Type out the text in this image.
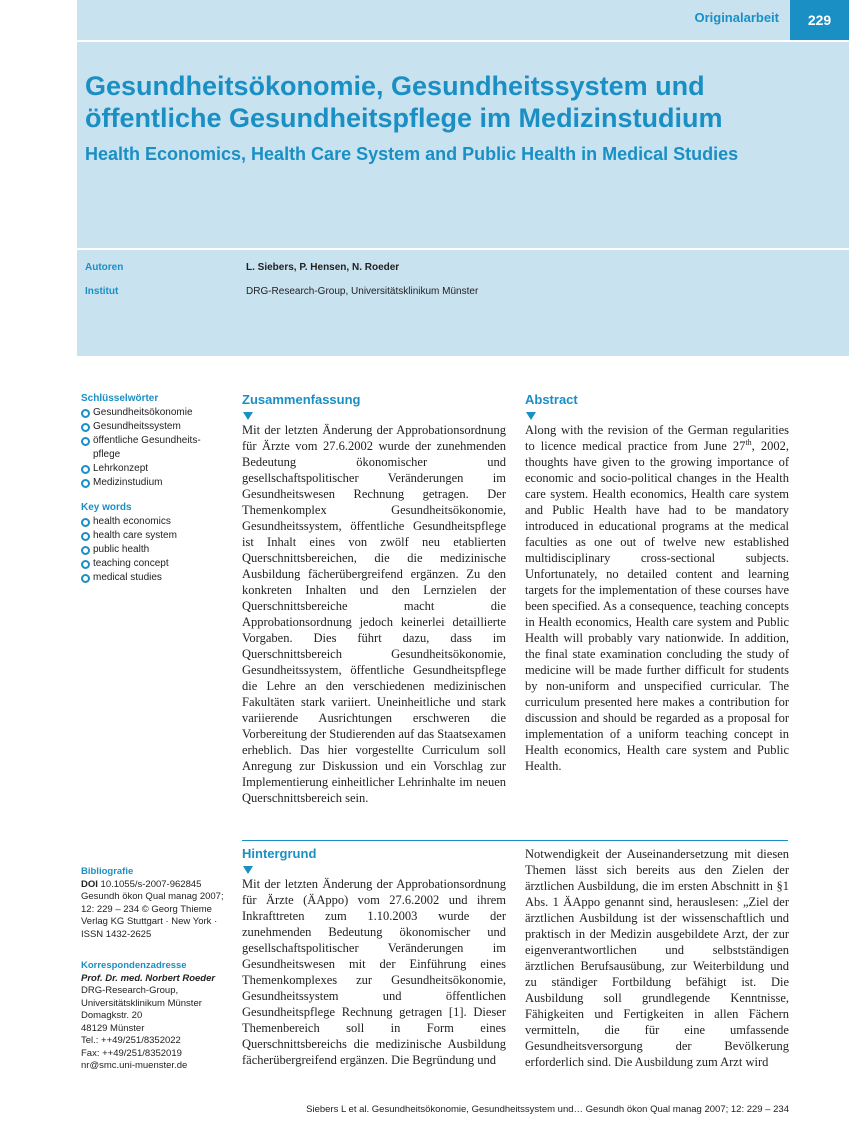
Originalarbeit	229
Gesundheitsökonomie, Gesundheitssystem und öffentliche Gesundheitspflege im Medizinstudium
Health Economics, Health Care System and Public Health in Medical Studies
Autoren	L. Siebers, P. Hensen, N. Roeder
Institut	DRG-Research-Group, Universitätsklinikum Münster
Schlüsselwörter
Gesundheitsökonomie
Gesundheitssystem
öffentliche Gesundheits-pflege
Lehrkonzept
Medizinstudium
Key words
health economics
health care system
public health
teaching concept
medical studies
Zusammenfassung
Mit der letzten Änderung der Approbationsordnung für Ärzte vom 27.6.2002 wurde der zunehmenden Bedeutung ökonomischer und gesellschaftspolitischer Veränderungen im Gesundheitswesen Rechnung getragen. Der Themenkomplex Gesundheitsökonomie, Gesundheitssystem, öffentliche Gesundheitspflege ist Inhalt eines von zwölf neu etablierten Querschnittsbereichen, die die medizinische Ausbildung fächerübergreifend ergänzen. Zu den konkreten Inhalten und den Lernzielen der Querschnittsbereiche macht die Approbationsordnung jedoch keinerlei detaillierte Vorgaben. Dies führt dazu, dass im Querschnittsbereich Gesundheitsökonomie, Gesundheitssystem, öffentliche Gesundheitspflege die Lehre an den verschiedenen medizinischen Fakultäten stark variiert. Uneinheitliche und stark variierende Ausrichtungen erschweren die Vorbereitung der Studierenden auf das Staatsexamen erheblich. Das hier vorgestellte Curriculum soll Anregung zur Diskussion und ein Vorschlag zur Implementierung einheitlicher Lehrinhalte im neuen Querschnittsbereich sein.
Abstract
Along with the revision of the German regularities to licence medical practice from June 27th, 2002, thoughts have given to the growing importance of economic and socio-political changes in the Health care system. Health economics, Health care system and Public Health have had to be mandatory introduced in educational programs at the medical faculties as one out of twelve new established multidisciplinary cross-sectional subjects. Unfortunately, no detailed content and learning targets for the implementation of these courses have been specified. As a consequence, teaching concepts in Health economics, Health care system and Public Health will probably vary nationwide. In addition, the final state examination concluding the study of medicine will be made further difficult for students by non-uniform and unspecified curricular. The curriculum presented here makes a contribution for discussion and should be regarded as a proposal for implementation of a uniform teaching concept in Health economics, Health care system and Public Health.
Hintergrund
Mit der letzten Änderung der Approbationsordnung für Ärzte (ÄAppo) vom 27.6.2002 und ihrem Inkrafttreten zum 1.10.2003 wurde der zunehmenden Bedeutung ökonomischer und gesellschaftspolitischer Veränderungen im Gesundheitswesen mit der Einführung eines Themenkomplexes zur Gesundheitsökonomie, Gesundheitssystem und öffentlichen Gesundheitspflege Rechnung getragen [1]. Dieser Themenbereich soll in Form eines Querschnittsbereichs die medizinische Ausbildung fächerübergreifend ergänzen. Die Begründung und
Notwendigkeit der Auseinandersetzung mit diesen Themen lässt sich bereits aus den Zielen der ärztlichen Ausbildung, die im ersten Abschnitt in §1 Abs. 1 ÄAppo genannt sind, herauslesen: „Ziel der ärztlichen Ausbildung ist der wissenschaftlich und praktisch in der Medizin ausgebildete Arzt, der zur eigenverantwortlichen und selbstständigen ärztlichen Berufsausübung, zur Weiterbildung und zu ständiger Fortbildung befähigt ist. Die Ausbildung soll grundlegende Kenntnisse, Fähigkeiten und Fertigkeiten in allen Fächern vermitteln, die für eine umfassende Gesundheitsversorgung der Bevölkerung erforderlich sind. Die Ausbildung zum Arzt wird
Bibliografie
DOI 10.1055/s-2007-962845
Gesundh ökon Qual manag 2007; 12: 229 – 234 © Georg Thieme Verlag KG Stuttgart · New York · ISSN 1432-2625
Korrespondenzadresse
Prof. Dr. med. Norbert Roeder
DRG-Research-Group, Universitätsklinikum Münster
Domagkstr. 20
48129 Münster
Tel.: ++49/251/8352022
Fax: ++49/251/8352019
nr@smc.uni-muenster.de
Siebers L et al. Gesundheitsökonomie, Gesundheitssystem und… Gesundh ökon Qual manag 2007; 12: 229 – 234
